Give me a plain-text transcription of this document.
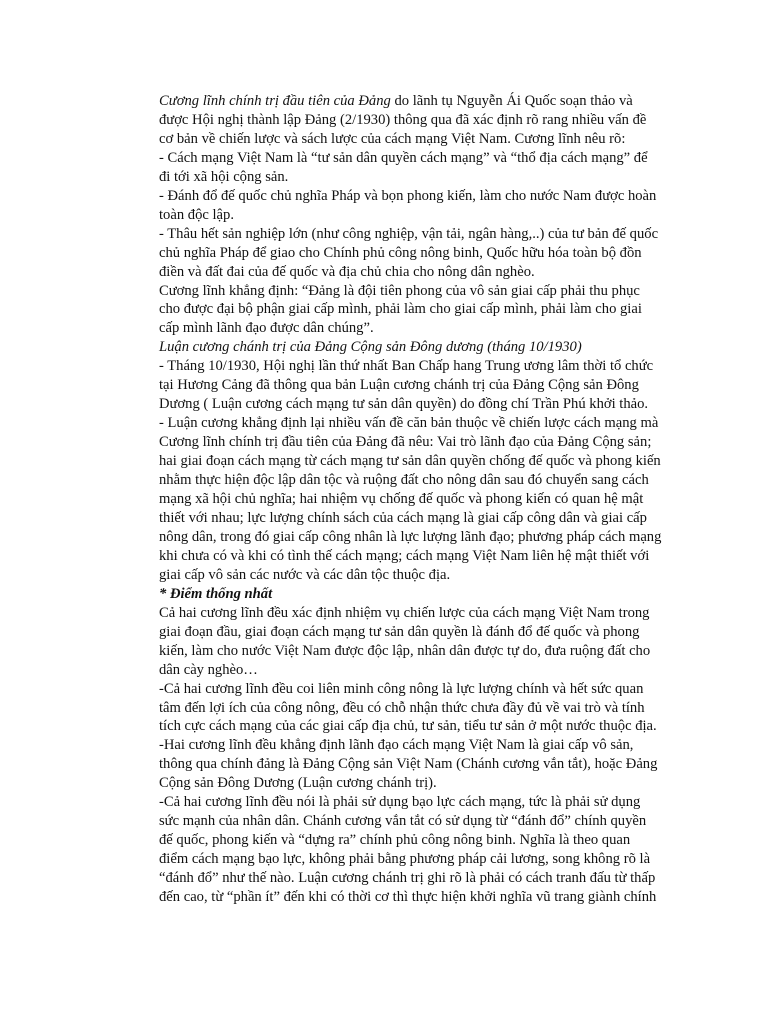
Cương lĩnh chính trị đầu tiên của Đảng do lãnh tụ Nguyễn Ái Quốc soạn thảo và
được Hội nghị thành lập Đảng (2/1930) thông qua đã xác định rõ rang nhiều vấn đề
cơ bản về chiến lược và sách lược của cách mạng Việt Nam. Cương lĩnh nêu rõ:
- Cách mạng Việt Nam là “tư sản dân quyền cách mạng” và “thổ địa cách mạng” để
đi tới xã hội cộng sản.
- Đánh đổ đế quốc chủ nghĩa Pháp và bọn phong kiến, làm cho nước Nam được hoàn
toàn độc lập.
- Thâu hết sản nghiệp lớn (như công nghiệp, vận tải, ngân hàng,..) của tư bản đế quốc
chủ nghĩa Pháp để giao cho Chính phủ công nông binh, Quốc hữu hóa toàn bộ đồn
điền và đất đai của đế quốc và địa chủ chia cho nông dân nghèo.
Cương lĩnh khẳng định: “Đảng là đội tiên phong của vô sản giai cấp phải thu phục
cho được đại bộ phận giai cấp mình, phải làm cho giai cấp mình, phải làm cho giai
cấp mình lãnh đạo được dân chúng”.
Luận cương chánh trị của Đảng Cộng sản Đông dương (tháng 10/1930)
- Tháng 10/1930, Hội nghị lần thứ nhất Ban Chấp hang Trung ương lâm thời tổ chức
tại Hương Cảng đã thông qua bản Luận cương chánh trị của Đảng Cộng sản Đông
Dương ( Luận cương cách mạng tư sản dân quyền) do đồng chí Trần Phú khởi thảo.
- Luận cương khẳng định lại nhiều vấn đề căn bản thuộc về chiến lược cách mạng mà
Cương lĩnh chính trị đầu tiên của Đảng đã nêu: Vai trò lãnh đạo của Đảng Cộng sản;
hai giai đoạn cách mạng từ cách mạng tư sản dân quyền chống đế quốc và phong kiến
nhằm thực hiện độc lập dân tộc và ruộng đất cho nông dân sau đó chuyển sang cách
mạng xã hội chủ nghĩa; hai nhiệm vụ chống đế quốc và phong kiến có quan hệ mật
thiết với nhau; lực lượng chính sách của cách mạng là giai cấp công dân và giai cấp
nông dân, trong đó giai cấp công nhân là lực lượng lãnh đạo; phương pháp cách mạng
khi chưa có và khi có tình thế cách mạng; cách mạng Việt Nam liên hệ mật thiết với
giai cấp vô sản các nước và các dân tộc thuộc địa.
* Điểm thống nhất
Cả hai cương lĩnh đều xác định nhiệm vụ chiến lược của cách mạng Việt Nam trong
giai đoạn đầu, giai đoạn cách mạng tư sản dân quyền là đánh đổ đế quốc và phong
kiến, làm cho nước Việt Nam được độc lập, nhân dân được tự do, đưa ruộng đất cho
dân cày nghèo…
-Cả hai cương lĩnh đều coi liên minh công nông là lực lượng chính và hết sức quan
tâm đến lợi ích của công nông, đều có chỗ nhận thức chưa đầy đủ về vai trò và tính
tích cực cách mạng của các giai cấp địa chủ, tư sản, tiểu tư sản ở một nước thuộc địa.
-Hai cương lĩnh đều khẳng định lãnh đạo cách mạng Việt Nam là giai cấp vô sản,
thông qua chính đảng là Đảng Cộng sản Việt Nam (Chánh cương vắn tắt), hoặc Đảng
Cộng sản Đông Dương (Luận cương chánh trị).
-Cả hai cương lĩnh đều nói là phải sử dụng bạo lực cách mạng, tức là phải sử dụng
sức mạnh của nhân dân. Chánh cương vắn tắt có sử dụng từ “đánh đổ” chính quyền
đế quốc, phong kiến và “dựng ra” chính phủ công nông binh. Nghĩa là theo quan
điểm cách mạng bạo lực, không phải bằng phương pháp cải lương, song không rõ là
“đánh đổ” như thế nào. Luận cương chánh trị ghi rõ là phải có cách tranh đấu từ thấp
đến cao, từ “phần ít” đến khi có thời cơ thì thực hiện khởi nghĩa vũ trang giành chính
